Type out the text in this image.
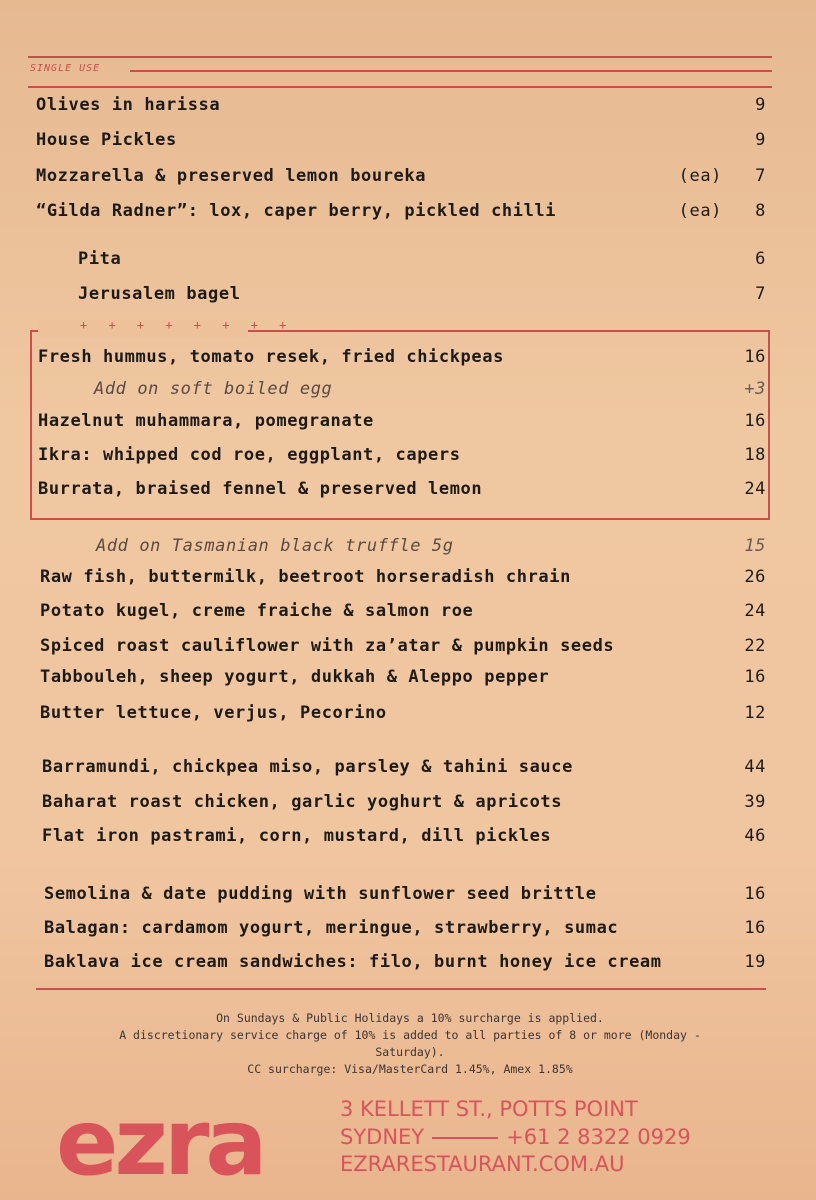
SINGLE USE
Olives in harissa	9
House Pickles	9
Mozzarella & preserved lemon boureka	(ea)	7
“Gilda Radner”: lox, caper berry, pickled chilli	(ea)	8
Pita	6
Jerusalem bagel	7
+ + + + + + + +
Fresh hummus, tomato resek, fried chickpeas	16
Add on soft boiled egg	+3
Hazelnut muhammara, pomegranate	16
Ikra: whipped cod roe, eggplant, capers	18
Burrata, braised fennel & preserved lemon	24
Add on Tasmanian black truffle 5g	15
Raw fish, buttermilk, beetroot horseradish chrain	26
Potato kugel, creme fraiche & salmon roe	24
Spiced roast cauliflower with za’atar & pumpkin seeds	22
Tabbouleh, sheep yogurt, dukkah & Aleppo pepper	16
Butter lettuce, verjus, Pecorino	12
Barramundi, chickpea miso, parsley & tahini sauce	44
Baharat roast chicken, garlic yoghurt & apricots	39
Flat iron pastrami, corn, mustard, dill pickles	46
Semolina & date pudding with sunflower seed brittle	16
Balagan: cardamom yogurt, meringue, strawberry, sumac	16
Baklava ice cream sandwiches: filo, burnt honey ice cream	19
On Sundays & Public Holidays a 10% surcharge is applied.
A discretionary service charge of 10% is added to all parties of 8 or more (Monday -
Saturday).
CC surcharge: Visa/MasterCard 1.45%, Amex 1.85%
ezra	3 KELLETT ST., POTTS POINT
SYDNEY	+61 2 8322 0929
EZRARESTAURANT.COM.AU
